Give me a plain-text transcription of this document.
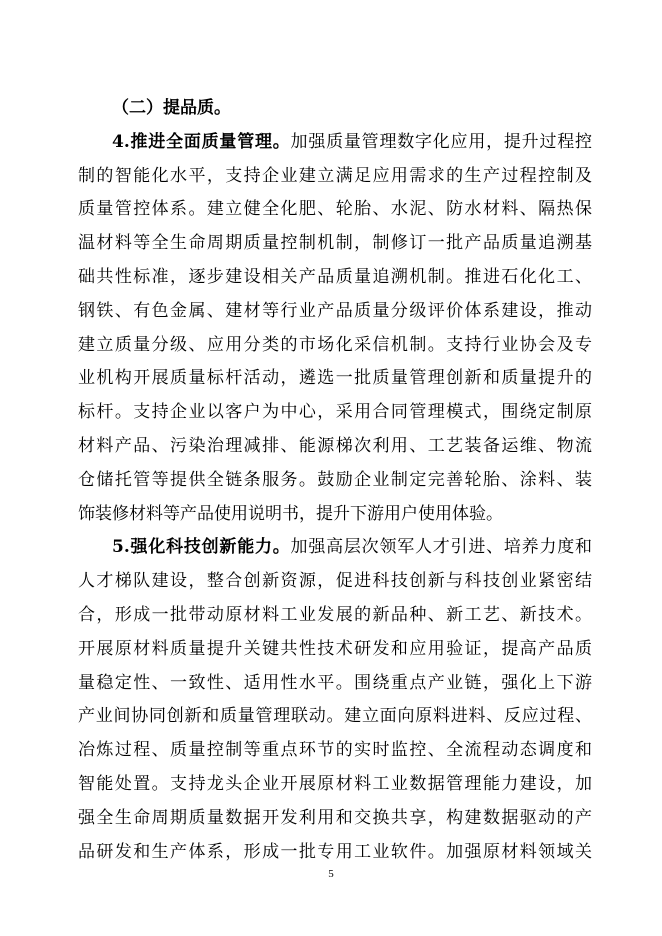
（二）提品质。
4.推进全面质量管理。加强质量管理数字化应用，提升过程控
制的智能化水平，支持企业建立满足应用需求的生产过程控制及
质量管控体系。建立健全化肥、轮胎、水泥、防水材料、隔热保
温材料等全生命周期质量控制机制，制修订一批产品质量追溯基
础共性标准，逐步建设相关产品质量追溯机制。推进石化化工、
钢铁、有色金属、建材等行业产品质量分级评价体系建设，推动
建立质量分级、应用分类的市场化采信机制。支持行业协会及专
业机构开展质量标杆活动，遴选一批质量管理创新和质量提升的
标杆。支持企业以客户为中心，采用合同管理模式，围绕定制原
材料产品、污染治理减排、能源梯次利用、工艺装备运维、物流
仓储托管等提供全链条服务。鼓励企业制定完善轮胎、涂料、装
饰装修材料等产品使用说明书，提升下游用户使用体验。
5.强化科技创新能力。加强高层次领军人才引进、培养力度和
人才梯队建设，整合创新资源，促进科技创新与科技创业紧密结
合，形成一批带动原材料工业发展的新品种、新工艺、新技术。
开展原材料质量提升关键共性技术研发和应用验证，提高产品质
量稳定性、一致性、适用性水平。围绕重点产业链，强化上下游
产业间协同创新和质量管理联动。建立面向原料进料、反应过程、
冶炼过程、质量控制等重点环节的实时监控、全流程动态调度和
智能处置。支持龙头企业开展原材料工业数据管理能力建设，加
强全生命周期质量数据开发利用和交换共享，构建数据驱动的产
品研发和生产体系，形成一批专用工业软件。加强原材料领域关
5
